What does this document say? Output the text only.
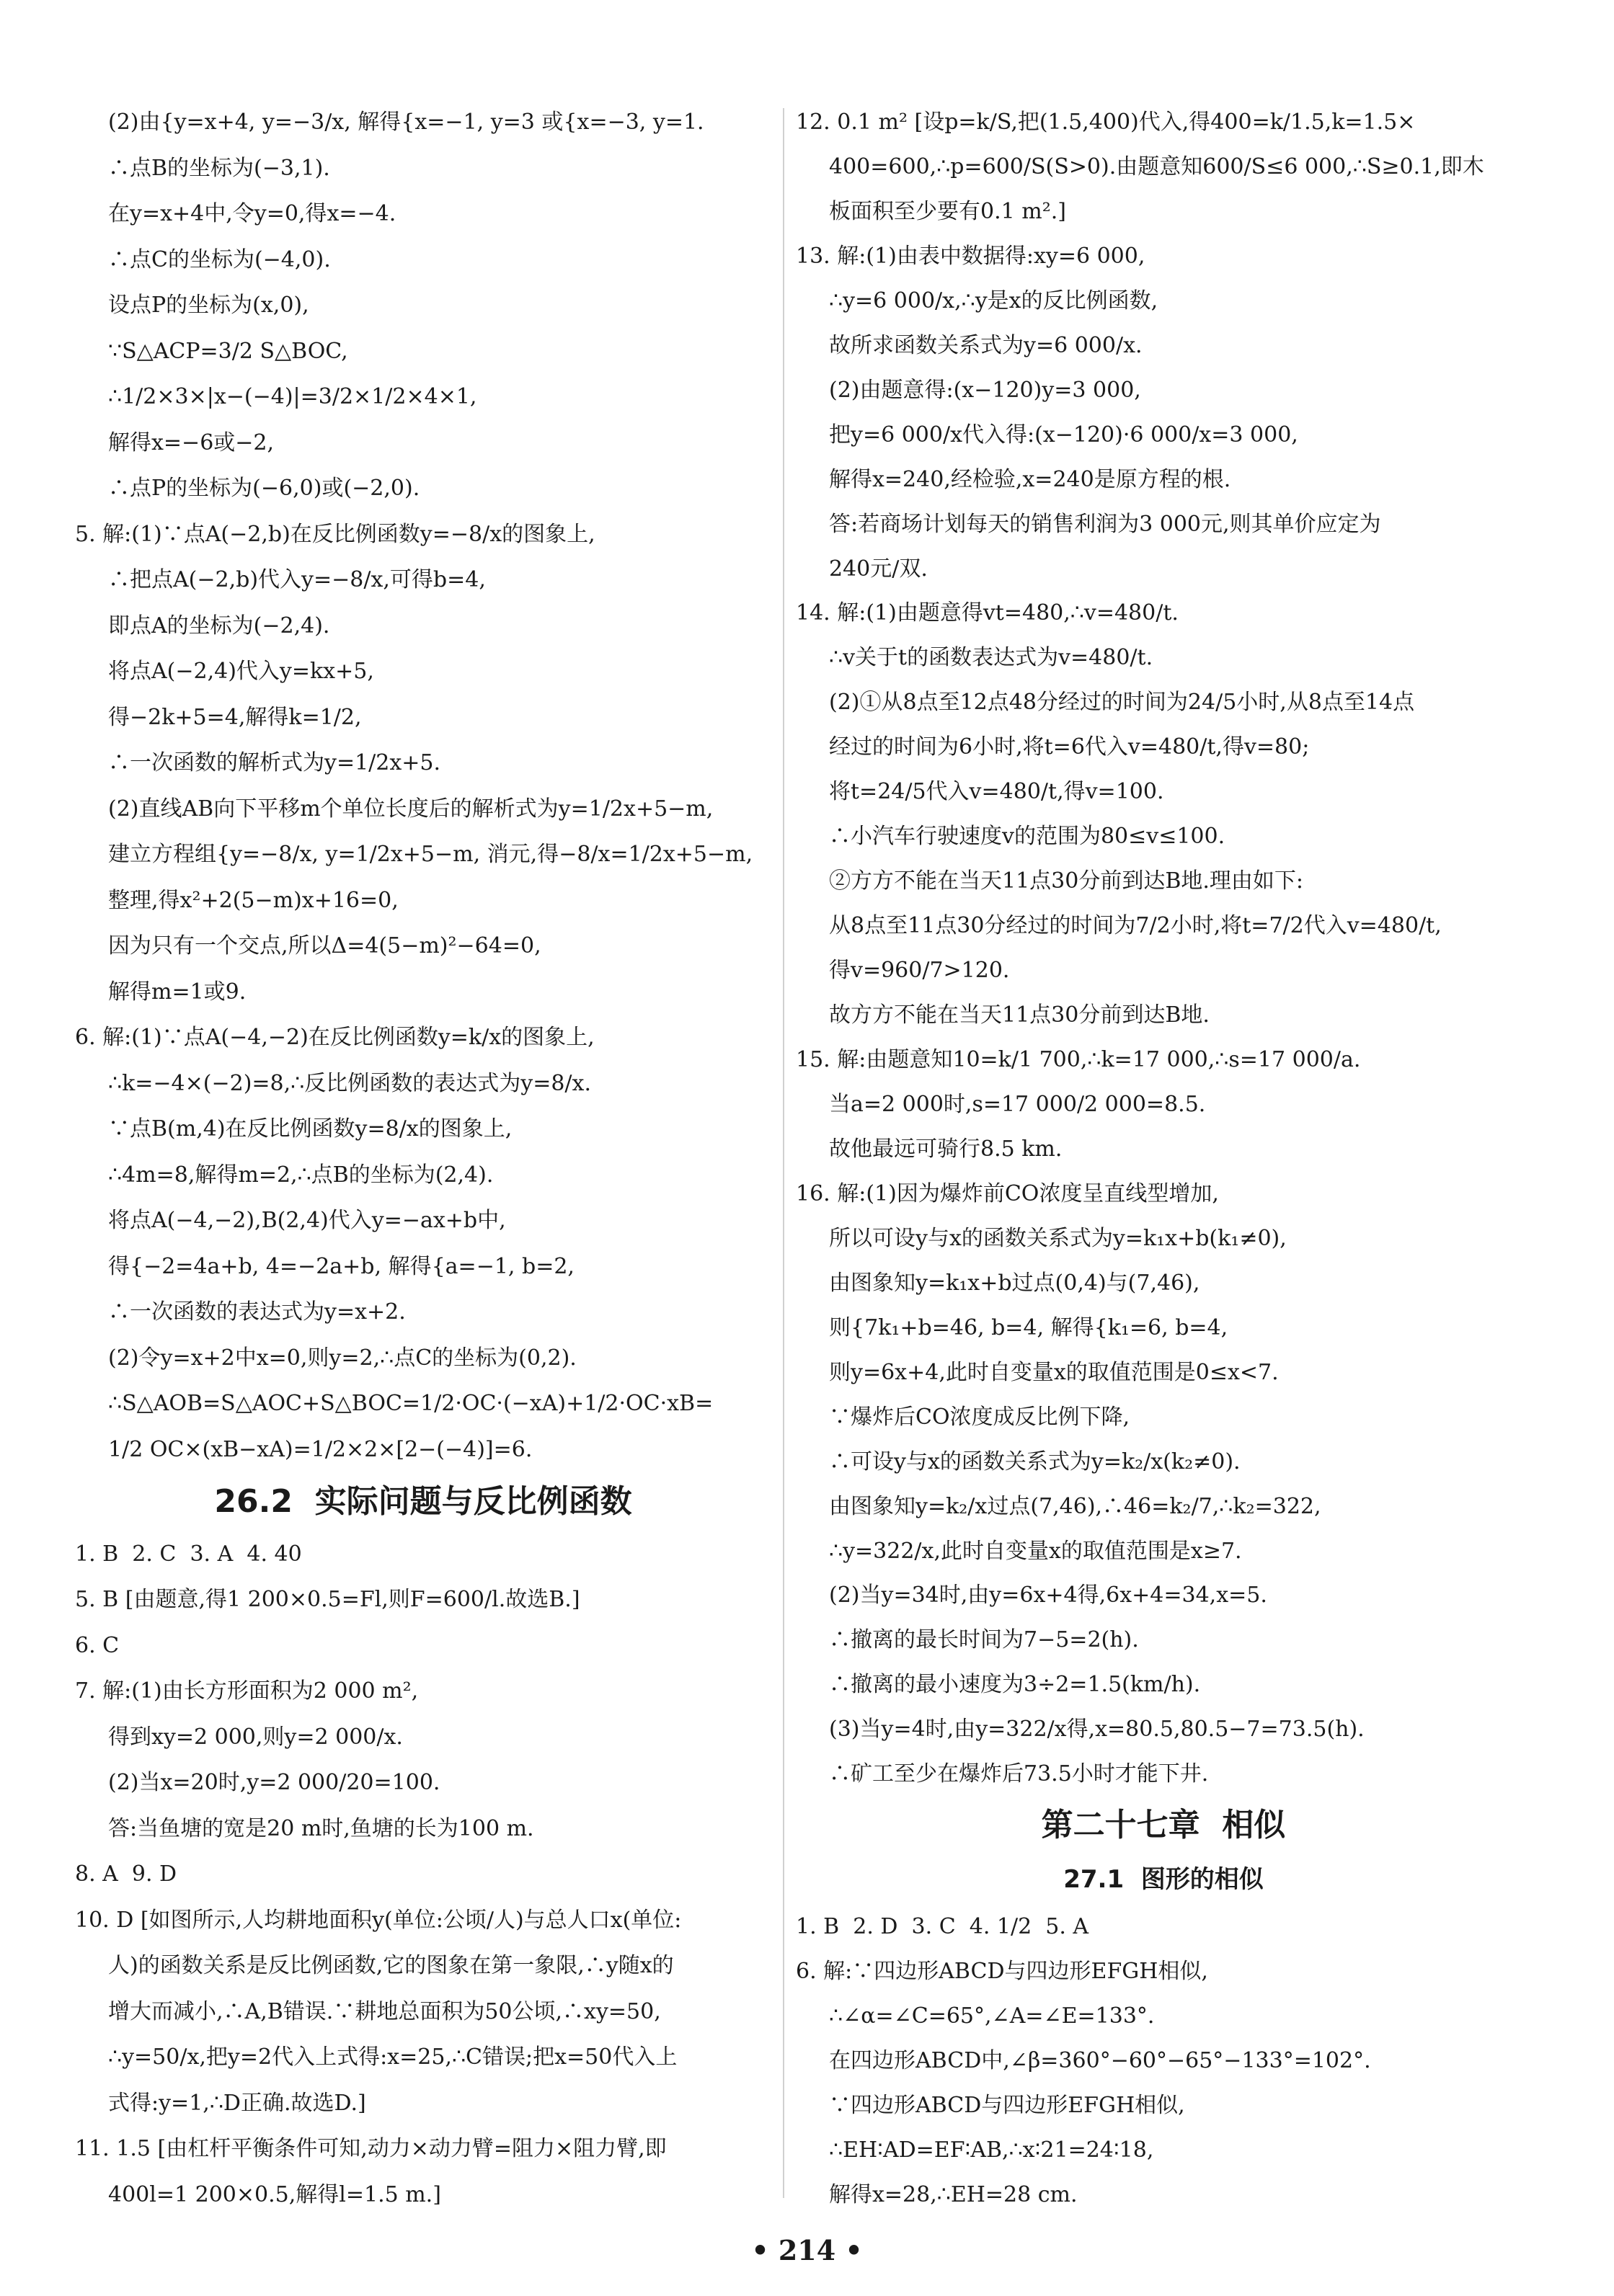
(2)由{y=x+4, y=−3/x, 解得{x=−1, y=3 或{x=−3, y=1.
∴点B的坐标为(−3,1).
在y=x+4中,令y=0,得x=−4.
∴点C的坐标为(−4,0).
设点P的坐标为(x,0),
∵S△ACP=3/2 S△BOC,
∴1/2×3×|x−(−4)|=3/2×1/2×4×1,
解得x=−6或−2,
∴点P的坐标为(−6,0)或(−2,0).
5. 解:(1)∵点A(−2,b)在反比例函数y=−8/x的图象上,
∴把点A(−2,b)代入y=−8/x,可得b=4,
即点A的坐标为(−2,4).
将点A(−2,4)代入y=kx+5,
得−2k+5=4,解得k=1/2,
∴一次函数的解析式为y=1/2x+5.
(2)直线AB向下平移m个单位长度后的解析式为y=1/2x+5−m,
建立方程组{y=−8/x, y=1/2x+5−m, 消元,得−8/x=1/2x+5−m,
整理,得x²+2(5−m)x+16=0,
因为只有一个交点,所以Δ=4(5−m)²−64=0,
解得m=1或9.
6. 解:(1)∵点A(−4,−2)在反比例函数y=k/x的图象上,
∴k=−4×(−2)=8,∴反比例函数的表达式为y=8/x.
∵点B(m,4)在反比例函数y=8/x的图象上,
∴4m=8,解得m=2,∴点B的坐标为(2,4).
将点A(−4,−2),B(2,4)代入y=−ax+b中,
得{−2=4a+b, 4=−2a+b, 解得{a=−1, b=2,
∴一次函数的表达式为y=x+2.
(2)令y=x+2中x=0,则y=2,∴点C的坐标为(0,2).
∴S△AOB=S△AOC+S△BOC=1/2·OC·(−xA)+1/2·OC·xB=
1/2 OC×(xB−xA)=1/2×2×[2−(−4)]=6.
26.2  实际问题与反比例函数
1. B  2. C  3. A  4. 40
5. B [由题意,得1 200×0.5=Fl,则F=600/l.故选B.]
6. C
7. 解:(1)由长方形面积为2 000 m²,
得到xy=2 000,则y=2 000/x.
(2)当x=20时,y=2 000/20=100.
答:当鱼塘的宽是20 m时,鱼塘的长为100 m.
8. A  9. D
10. D [如图所示,人均耕地面积y(单位:公顷/人)与总人口x(单位:
人)的函数关系是反比例函数,它的图象在第一象限,∴y随x的
增大而减小,∴A,B错误.∵耕地总面积为50公顷,∴xy=50,
∴y=50/x,把y=2代入上式得:x=25,∴C错误;把x=50代入上
式得:y=1,∴D正确.故选D.]
11. 1.5 [由杠杆平衡条件可知,动力×动力臂=阻力×阻力臂,即
400l=1 200×0.5,解得l=1.5 m.]
12. 0.1 m² [设p=k/S,把(1.5,400)代入,得400=k/1.5,k=1.5×
400=600,∴p=600/S(S>0).由题意知600/S≤6 000,∴S≥0.1,即木
板面积至少要有0.1 m².]
13. 解:(1)由表中数据得:xy=6 000,
∴y=6 000/x,∴y是x的反比例函数,
故所求函数关系式为y=6 000/x.
(2)由题意得:(x−120)y=3 000,
把y=6 000/x代入得:(x−120)·6 000/x=3 000,
解得x=240,经检验,x=240是原方程的根.
答:若商场计划每天的销售利润为3 000元,则其单价应定为
240元/双.
14. 解:(1)由题意得vt=480,∴v=480/t.
∴v关于t的函数表达式为v=480/t.
(2)①从8点至12点48分经过的时间为24/5小时,从8点至14点
经过的时间为6小时,将t=6代入v=480/t,得v=80;
将t=24/5代入v=480/t,得v=100.
∴小汽车行驶速度v的范围为80≤v≤100.
②方方不能在当天11点30分前到达B地.理由如下:
从8点至11点30分经过的时间为7/2小时,将t=7/2代入v=480/t,
得v=960/7>120.
故方方不能在当天11点30分前到达B地.
15. 解:由题意知10=k/1 700,∴k=17 000,∴s=17 000/a.
当a=2 000时,s=17 000/2 000=8.5.
故他最远可骑行8.5 km.
16. 解:(1)因为爆炸前CO浓度呈直线型增加,
所以可设y与x的函数关系式为y=k₁x+b(k₁≠0),
由图象知y=k₁x+b过点(0,4)与(7,46),
则{7k₁+b=46, b=4, 解得{k₁=6, b=4,
则y=6x+4,此时自变量x的取值范围是0≤x<7.
∵爆炸后CO浓度成反比例下降,
∴可设y与x的函数关系式为y=k₂/x(k₂≠0).
由图象知y=k₂/x过点(7,46),∴46=k₂/7,∴k₂=322,
∴y=322/x,此时自变量x的取值范围是x≥7.
(2)当y=34时,由y=6x+4得,6x+4=34,x=5.
∴撤离的最长时间为7−5=2(h).
∴撤离的最小速度为3÷2=1.5(km/h).
(3)当y=4时,由y=322/x得,x=80.5,80.5−7=73.5(h).
∴矿工至少在爆炸后73.5小时才能下井.
第二十七章  相似
27.1  图形的相似
1. B  2. D  3. C  4. 1/2  5. A
6. 解:∵四边形ABCD与四边形EFGH相似,
∴∠α=∠C=65°,∠A=∠E=133°.
在四边形ABCD中,∠β=360°−60°−65°−133°=102°.
∵四边形ABCD与四边形EFGH相似,
∴EH∶AD=EF∶AB,∴x∶21=24∶18,
解得x=28,∴EH=28 cm.
• 214 •
